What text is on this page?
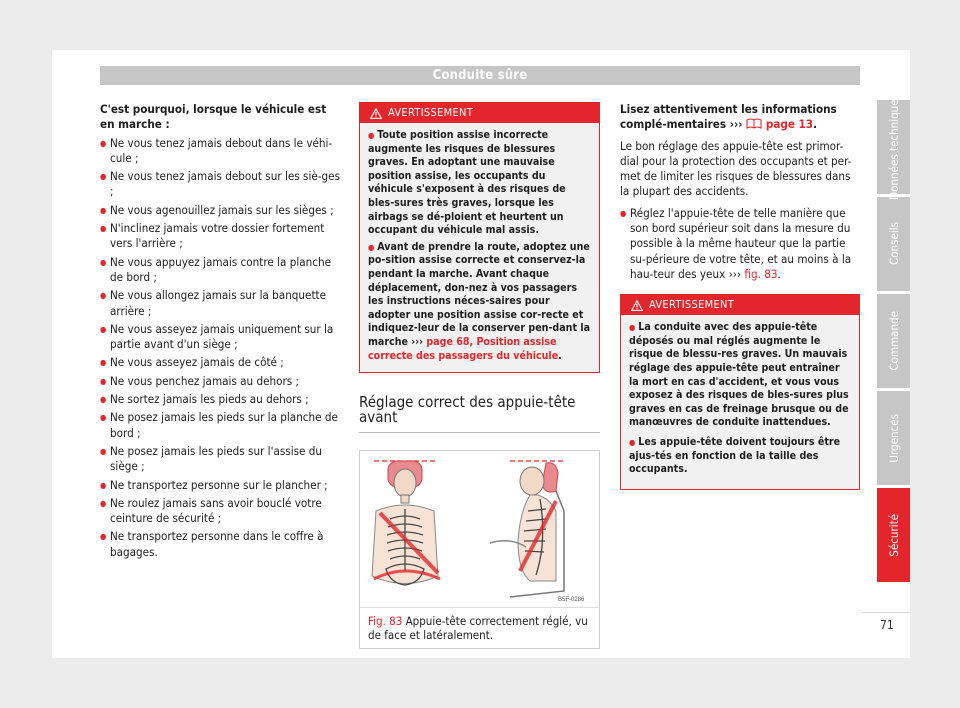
Conduite sûre
C'est pourquoi, lorsque le véhicule est en marche :
● Ne vous tenez jamais debout dans le véhi-cule ;
● Ne vous tenez jamais debout sur les siè-ges ;
● Ne vous agenouillez jamais sur les sièges ;
● N'inclinez jamais votre dossier fortement vers l'arrière ;
● Ne vous appuyez jamais contre la planche de bord ;
● Ne vous allongez jamais sur la banquette arrière ;
● Ne vous asseyez jamais uniquement sur la partie avant d'un siège ;
● Ne vous asseyez jamais de côté ;
● Ne vous penchez jamais au dehors ;
● Ne sortez jamais les pieds au dehors ;
● Ne posez jamais les pieds sur la planche de bord ;
● Ne posez jamais les pieds sur l'assise du siège ;
● Ne transportez personne sur le plancher ;
● Ne roulez jamais sans avoir bouclé votre ceinture de sécurité ;
● Ne transportez personne dans le coffre à bagages.
AVERTISSEMENT

● Toute position assise incorrecte augmente les risques de blessures graves. En adoptant une mauvaise position assise, les occupants du véhicule s'exposent à des risques de bles-sures très graves, lorsque les airbags se dé-ploient et heurtent un occupant du véhicule mal assis.

● Avant de prendre la route, adoptez une po-sition assise correcte et conservez-la pendant la marche. Avant chaque déplacement, don-nez à vos passagers les instructions néces-saires pour adopter une position assise cor-recte et indiquez-leur de la conserver pen-dant la marche ››› page 68, Position assise correcte des passagers du véhicule.

Réglage correct des appuie-tête avant
B5F-0286
Fig. 83 Appuie-tête correctement réglé, vu de face et latéralement.

Lisez attentivement les informations complé-mentaires ›››  page 13.

Le bon réglage des appuie-tête est primor-dial pour la protection des occupants et per-met de limiter les risques de blessures dans la plupart des accidents.

● Réglez l'appuie-tête de telle manière que son bord supérieur soit dans la mesure du possible à la même hauteur que la partie su-périeure de votre tête, et au moins à la hau-teur des yeux ››› fig. 83.
AVERTISSEMENT

● La conduite avec des appuie-tête déposés ou mal réglés augmente le risque de blessu-res graves. Un mauvais réglage des appuie-tête peut entraîner la mort en cas d'accident, et vous vous exposez à des risques de bles-sures plus graves en cas de freinage brusque ou de manœuvres de conduite inattendues.

● Les appuie-tête doivent toujours être ajus-tés en fonction de la taille des occupants.

Données techniques
Conseils
Commande
Urgences
Sécurité
71
